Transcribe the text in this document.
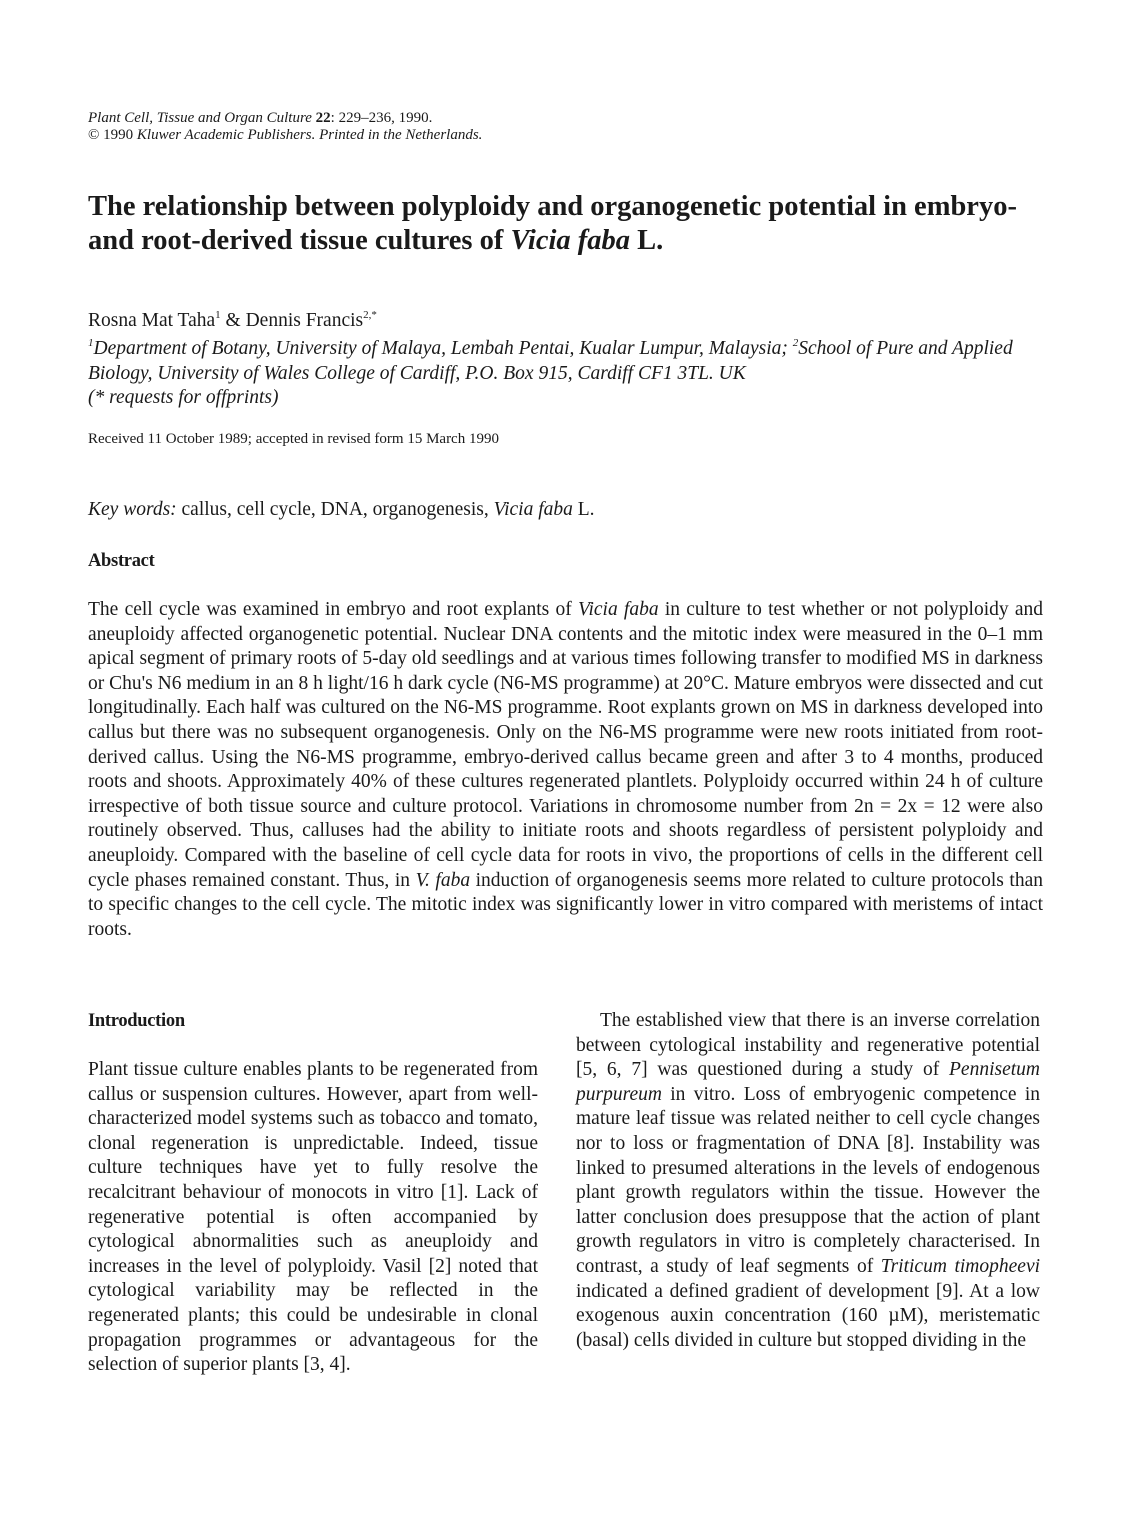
Plant Cell, Tissue and Organ Culture 22: 229–236, 1990.
© 1990 Kluwer Academic Publishers. Printed in the Netherlands.
The relationship between polyploidy and organogenetic potential in embryo- and root-derived tissue cultures of Vicia faba L.
Rosna Mat Taha$^1$ & Dennis Francis$^{2,*}$
$^1$Department of Botany, University of Malaya, Lembah Pentai, Kualar Lumpur, Malaysia; $^2$School of Pure and Applied Biology, University of Wales College of Cardiff, P.O. Box 915, Cardiff CF1 3TL. UK
(* requests for offprints)
Received 11 October 1989; accepted in revised form 15 March 1990
Key words: callus, cell cycle, DNA, organogenesis, Vicia faba L.
Abstract
The cell cycle was examined in embryo and root explants of Vicia faba in culture to test whether or not polyploidy and aneuploidy affected organogenetic potential. Nuclear DNA contents and the mitotic index were measured in the 0–1 mm apical segment of primary roots of 5-day old seedlings and at various times following transfer to modified MS in darkness or Chu's N6 medium in an 8 h light/16 h dark cycle (N6-MS programme) at 20°C. Mature embryos were dissected and cut longitudinally. Each half was cultured on the N6-MS programme. Root explants grown on MS in darkness developed into callus but there was no subsequent organogenesis. Only on the N6-MS programme were new roots initiated from root-derived callus. Using the N6-MS programme, embryo-derived callus became green and after 3 to 4 months, produced roots and shoots. Approximately 40% of these cultures regenerated plantlets. Polyploidy occurred within 24 h of culture irrespective of both tissue source and culture protocol. Variations in chromosome number from 2n = 2x = 12 were also routinely observed. Thus, calluses had the ability to initiate roots and shoots regardless of persistent polyploidy and aneuploidy. Compared with the baseline of cell cycle data for roots in vivo, the proportions of cells in the different cell cycle phases remained constant. Thus, in V. faba induction of organogenesis seems more related to culture protocols than to specific changes to the cell cycle. The mitotic index was significantly lower in vitro compared with meristems of intact roots.
Introduction
Plant tissue culture enables plants to be regenerated from callus or suspension cultures. However, apart from well-characterized model systems such as tobacco and tomato, clonal regeneration is unpredictable. Indeed, tissue culture techniques have yet to fully resolve the recalcitrant behaviour of monocots in vitro [1]. Lack of regenerative potential is often accompanied by cytological abnormalities such as aneuploidy and increases in the level of polyploidy. Vasil [2] noted that cytological variability may be reflected in the regenerated plants; this could be undesirable in clonal propagation programmes or advantageous for the selection of superior plants [3, 4].
The established view that there is an inverse correlation between cytological instability and regenerative potential [5, 6, 7] was questioned during a study of Pennisetum purpureum in vitro. Loss of embryogenic competence in mature leaf tissue was related neither to cell cycle changes nor to loss or fragmentation of DNA [8]. Instability was linked to presumed alterations in the levels of endogenous plant growth regulators within the tissue. However the latter conclusion does presuppose that the action of plant growth regulators in vitro is completely characterised. In contrast, a study of leaf segments of Triticum timopheevi indicated a defined gradient of development [9]. At a low exogenous auxin concentration (160 µM), meristematic (basal) cells divided in culture but stopped dividing in the
